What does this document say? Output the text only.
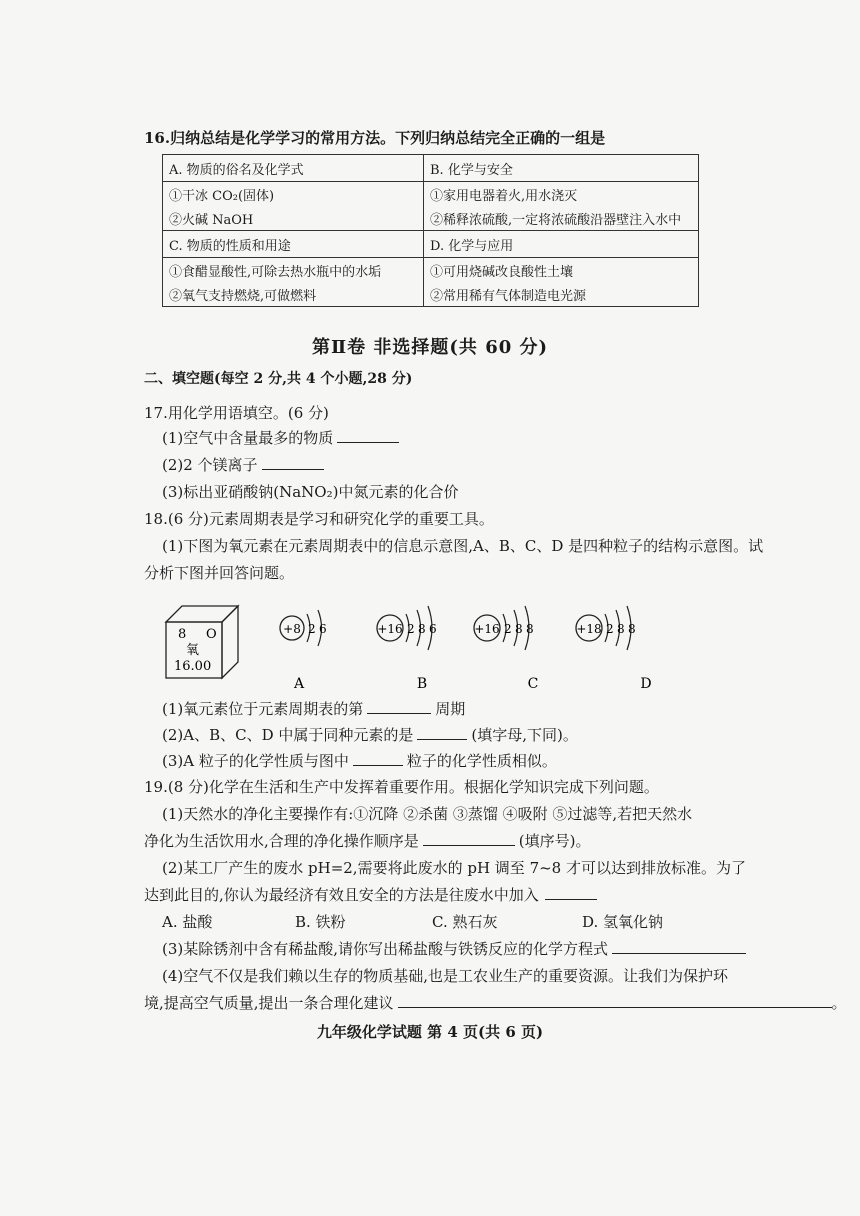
16.归纳总结是化学学习的常用方法。下列归纳总结完全正确的一组是
A. 物质的俗名及化学式	B. 化学与安全
①干冰 CO₂(固体)	①家用电器着火,用水浇灭
②火碱 NaOH	②稀释浓硫酸,一定将浓硫酸沿器壁注入水中
C. 物质的性质和用途	D. 化学与应用
①食醋显酸性,可除去热水瓶中的水垢	①可用烧碱改良酸性土壤
②氧气支持燃烧,可做燃料	②常用稀有气体制造电光源
第Ⅱ卷 非选择题(共 60 分)
二、填空题(每空 2 分,共 4 个小题,28 分)
17.用化学用语填空。(6 分)
(1)空气中含量最多的物质
(2)2 个镁离子
(3)标出亚硝酸钠(NaNO₂)中氮元素的化合价
18.(6 分)元素周期表是学习和研究化学的重要工具。
(1)下图为氧元素在元素周期表中的信息示意图,A、B、C、D 是四种粒子的结构示意图。试
分析下图并回答问题。
8 O
氧
16.00
+8 2 6
A
+16 2 8 6
B
+16 2 8 8
C
+18 2 8 8
D
(1)氧元素位于元素周期表的第	周期
(2)A、B、C、D 中属于同种元素的是	(填字母,下同)。
(3)A 粒子的化学性质与图中	粒子的化学性质相似。
19.(8 分)化学在生活和生产中发挥着重要作用。根据化学知识完成下列问题。
(1)天然水的净化主要操作有:①沉降 ②杀菌 ③蒸馏 ④吸附 ⑤过滤等,若把天然水
净化为生活饮用水,合理的净化操作顺序是	(填序号)。
(2)某工厂产生的废水 pH=2,需要将此废水的 pH 调至 7~8 才可以达到排放标准。为了
达到此目的,你认为最经济有效且安全的方法是往废水中加入
A. 盐酸	B. 铁粉	C. 熟石灰	D. 氢氧化钠
(3)某除锈剂中含有稀盐酸,请你写出稀盐酸与铁锈反应的化学方程式
(4)空气不仅是我们赖以生存的物质基础,也是工农业生产的重要资源。让我们为保护环
境,提高空气质量,提出一条合理化建议	。
九年级化学试题 第 4 页(共 6 页)
